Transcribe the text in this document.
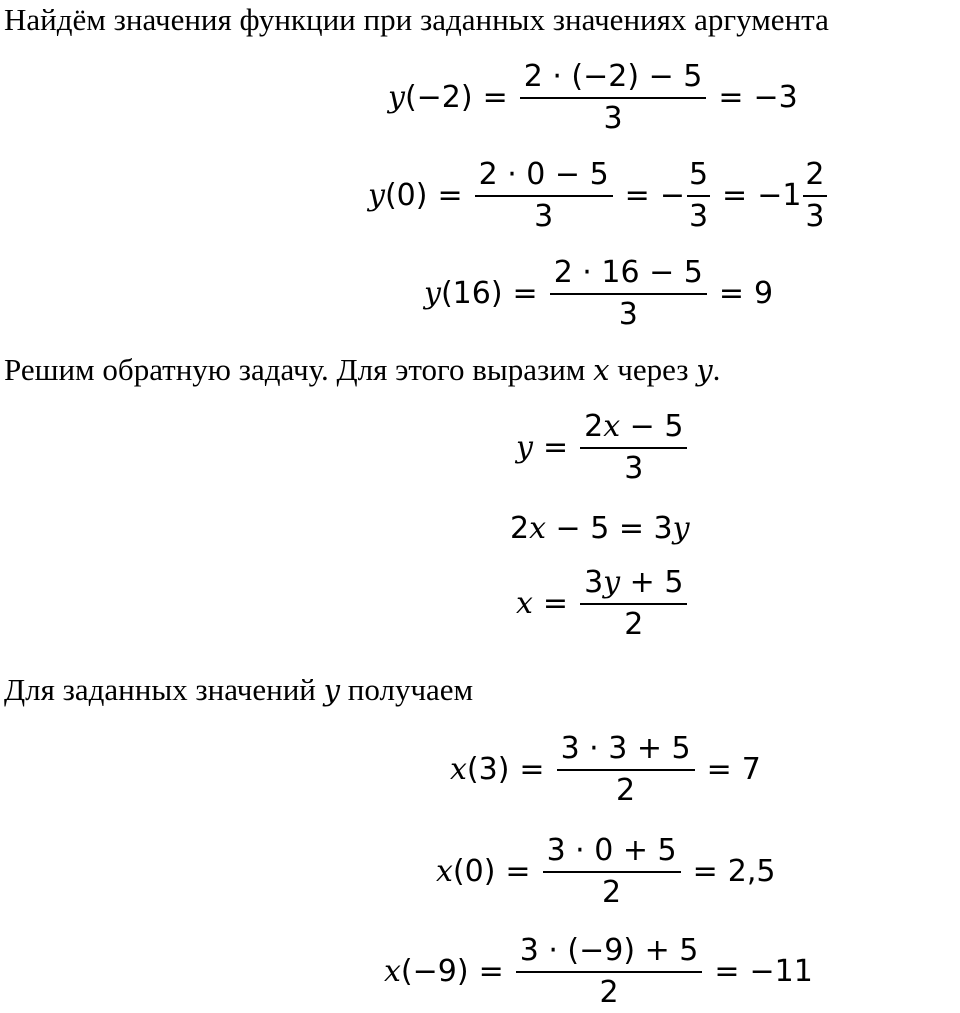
Найдём значения функции при заданных значениях аргумента
y $(-2) = \frac{2 \cdot (-2) - 5}{3} = -3$
y $(0) = \frac{2 \cdot 0 - 5}{3}$ = − $\frac{5}{3} = -1 \frac{2}{3}$
y $(16) = \frac{2 \cdot 16 - 5}{3} = 9$
Решим обратную задачу. Для этого выразим x через y.
$y = \frac{2x - 5}{3}$
2 x − 5 = 3 y
$x = \frac{3y + 5}{2}$
Для заданных значений y получаем
x $(3) = \frac{3 \cdot 3 + 5}{2} = 7$
x $(0) = \frac{3 \cdot 0 + 5}{2} = 2,5$
x $(-9) = \frac{3 \cdot (-9) + 5}{2} = -11$
